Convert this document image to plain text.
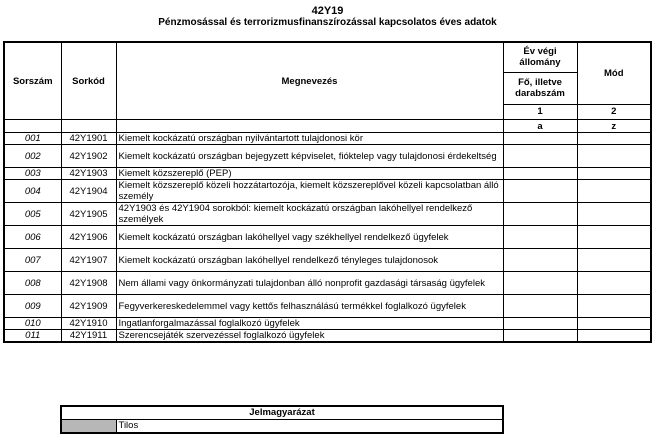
42Y19
Pénzmosással és terrorizmusfinanszírozással kapcsolatos éves adatok
Sorszám	Sorkód	Megnevezés	Év végi állomány	Mód
			Fő, illetve darabszám	
			1	2
			a	z
001	42Y1901	Kiemelt kockázatú országban nyilvántartott tulajdonosi kör		
002	42Y1902	Kiemelt kockázatú országban bejegyzett képviselet, fióktelep vagy tulajdonosi érdekeltség		
003	42Y1903	Kiemelt közszereplő (PEP)		
004	42Y1904	Kiemelt közszereplő közeli hozzátartozója, kiemelt közszereplővel közeli kapcsolatban álló személy		
005	42Y1905	42Y1903 és 42Y1904 sorokból: kiemelt kockázatú országban lakóhellyel rendelkező személyek		
006	42Y1906	Kiemelt kockázatú országban lakóhellyel vagy székhellyel rendelkező ügyfelek		
007	42Y1907	Kiemelt kockázatú országban lakóhellyel rendelkező tényleges tulajdonosok		
008	42Y1908	Nem állami vagy önkormányzati tulajdonban álló nonprofit gazdasági társaság ügyfelek		
009	42Y1909	Fegyverkereskedelemmel vagy kettős felhasználású termékkel foglalkozó ügyfelek		
010	42Y1910	Ingatlanforgalmazással foglalkozó ügyfelek		
011	42Y1911	Szerencsejáték szervezéssel foglalkozó ügyfelek		
Jelmagyarázat
	Tilos
